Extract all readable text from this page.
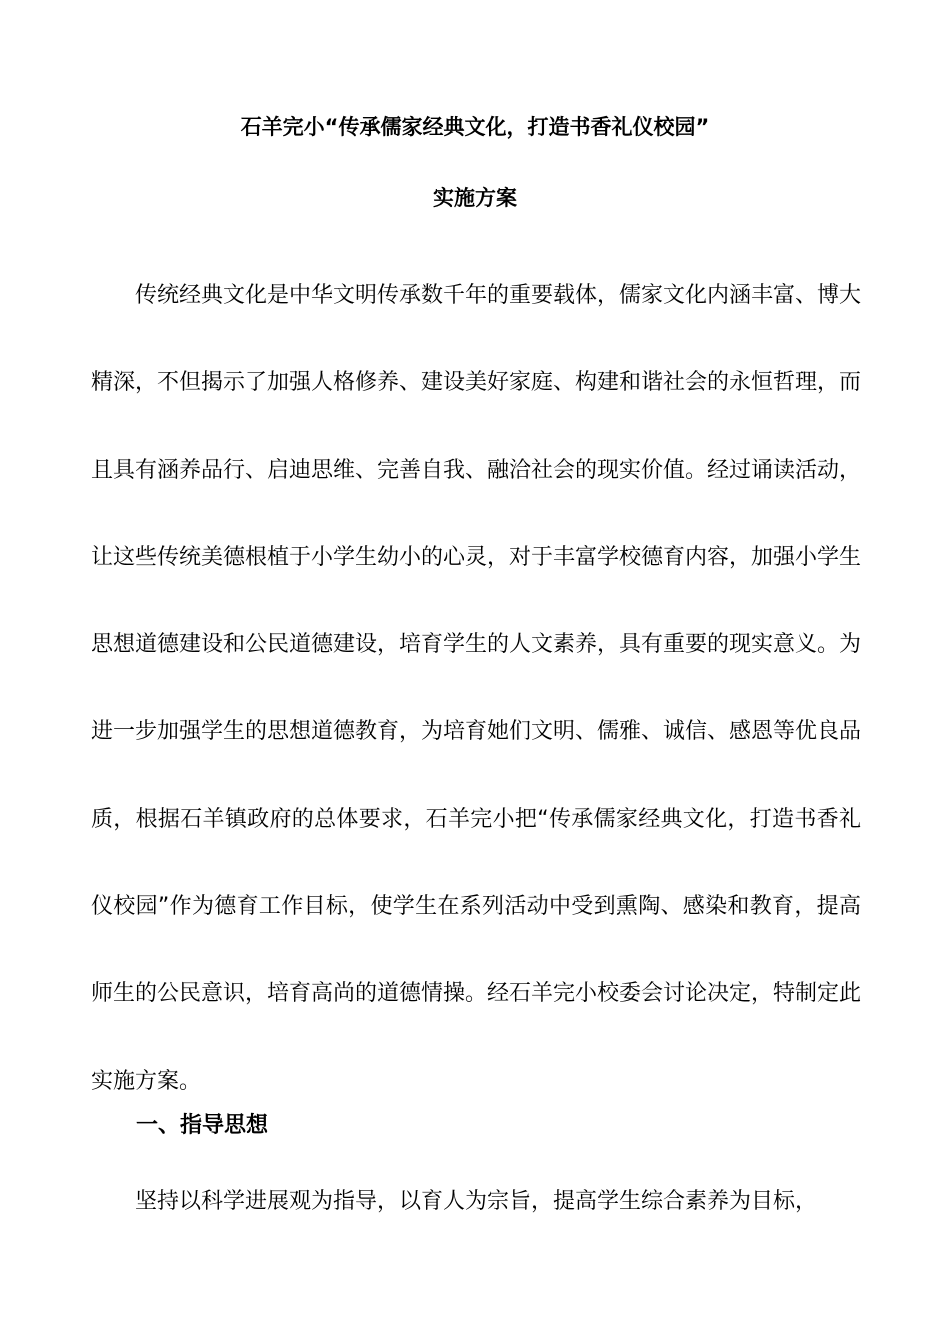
石羊完小“传承儒家经典文化，打造书香礼仪校园”
实施方案

传统经典文化是中华文明传承数千年的重要载体，儒家文化内涵丰富、博大精深，不但揭示了加强人格修养、建设美好家庭、构建和谐社会的永恒哲理，而且具有涵养品行、启迪思维、完善自我、融洽社会的现实价值。经过诵读活动，让这些传统美德根植于小学生幼小的心灵，对于丰富学校德育内容，加强小学生思想道德建设和公民道德建设，培育学生的人文素养，具有重要的现实意义。为进一步加强学生的思想道德教育，为培育她们文明、儒雅、诚信、感恩等优良品质，根据石羊镇政府的总体要求，石羊完小把“传承儒家经典文化，打造书香礼仪校园”作为德育工作目标，使学生在系列活动中受到熏陶、感染和教育，提高师生的公民意识，培育高尚的道德情操。经石羊完小校委会讨论决定，特制定此实施方案。

一、指导思想

坚持以科学进展观为指导，以育人为宗旨，提高学生综合素养为目标，
